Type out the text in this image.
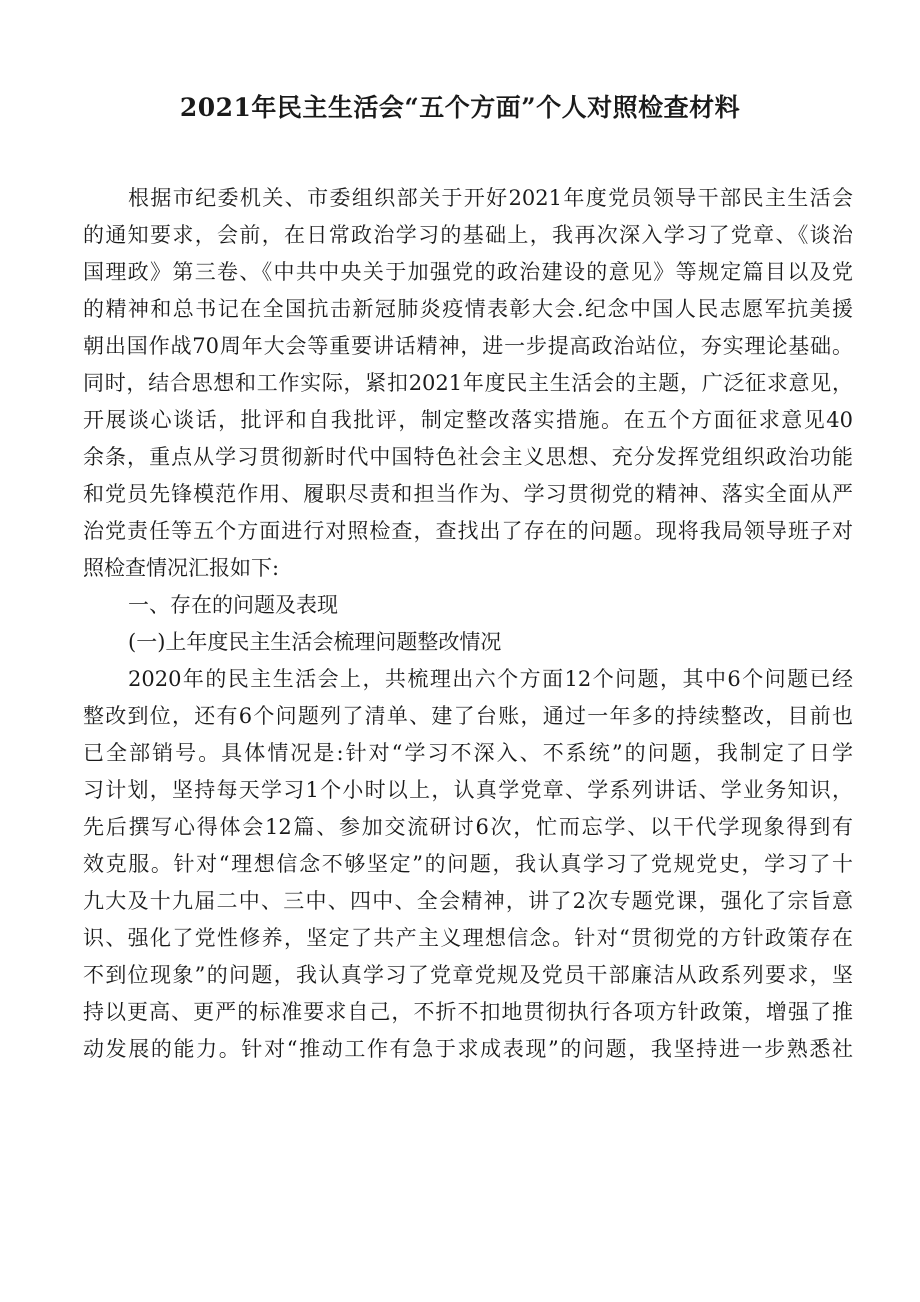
2021年民主生活会“五个方面”个人对照检查材料
根据市纪委机关、市委组织部关于开好2021年度党员领导干部民主生活会
的通知要求，会前，在日常政治学习的基础上，我再次深入学习了党章、《谈治
国理政》第三卷、《中共中央关于加强党的政治建设的意见》等规定篇目以及党
的精神和总书记在全国抗击新冠肺炎疫情表彰大会.纪念中国人民志愿军抗美援
朝出国作战70周年大会等重要讲话精神，进一步提高政治站位，夯实理论基础。
同时，结合思想和工作实际，紧扣2021年度民主生活会的主题，广泛征求意见，
开展谈心谈话，批评和自我批评，制定整改落实措施。在五个方面征求意见40
余条，重点从学习贯彻新时代中国特色社会主义思想、充分发挥党组织政治功能
和党员先锋模范作用、履职尽责和担当作为、学习贯彻党的精神、落实全面从严
治党责任等五个方面进行对照检查，查找出了存在的问题。现将我局领导班子对
照检查情况汇报如下:
一、存在的问题及表现
(一)上年度民主生活会梳理问题整改情况
2020年的民主生活会上，共梳理出六个方面12个问题，其中6个问题已经
整改到位，还有6个问题列了清单、建了台账，通过一年多的持续整改，目前也
已全部销号。具体情况是:针对“学习不深入、不系统”的问题，我制定了日学
习计划，坚持每天学习1个小时以上，认真学党章、学系列讲话、学业务知识，
先后撰写心得体会12篇、参加交流研讨6次，忙而忘学、以干代学现象得到有
效克服。针对“理想信念不够坚定”的问题，我认真学习了党规党史，学习了十
九大及十九届二中、三中、四中、全会精神，讲了2次专题党课，强化了宗旨意
识、强化了党性修养，坚定了共产主义理想信念。针对“贯彻党的方针政策存在
不到位现象”的问题，我认真学习了党章党规及党员干部廉洁从政系列要求，坚
持以更高、更严的标准要求自己，不折不扣地贯彻执行各项方针政策，增强了推
动发展的能力。针对“推动工作有急于求成表现”的问题，我坚持进一步熟悉社
